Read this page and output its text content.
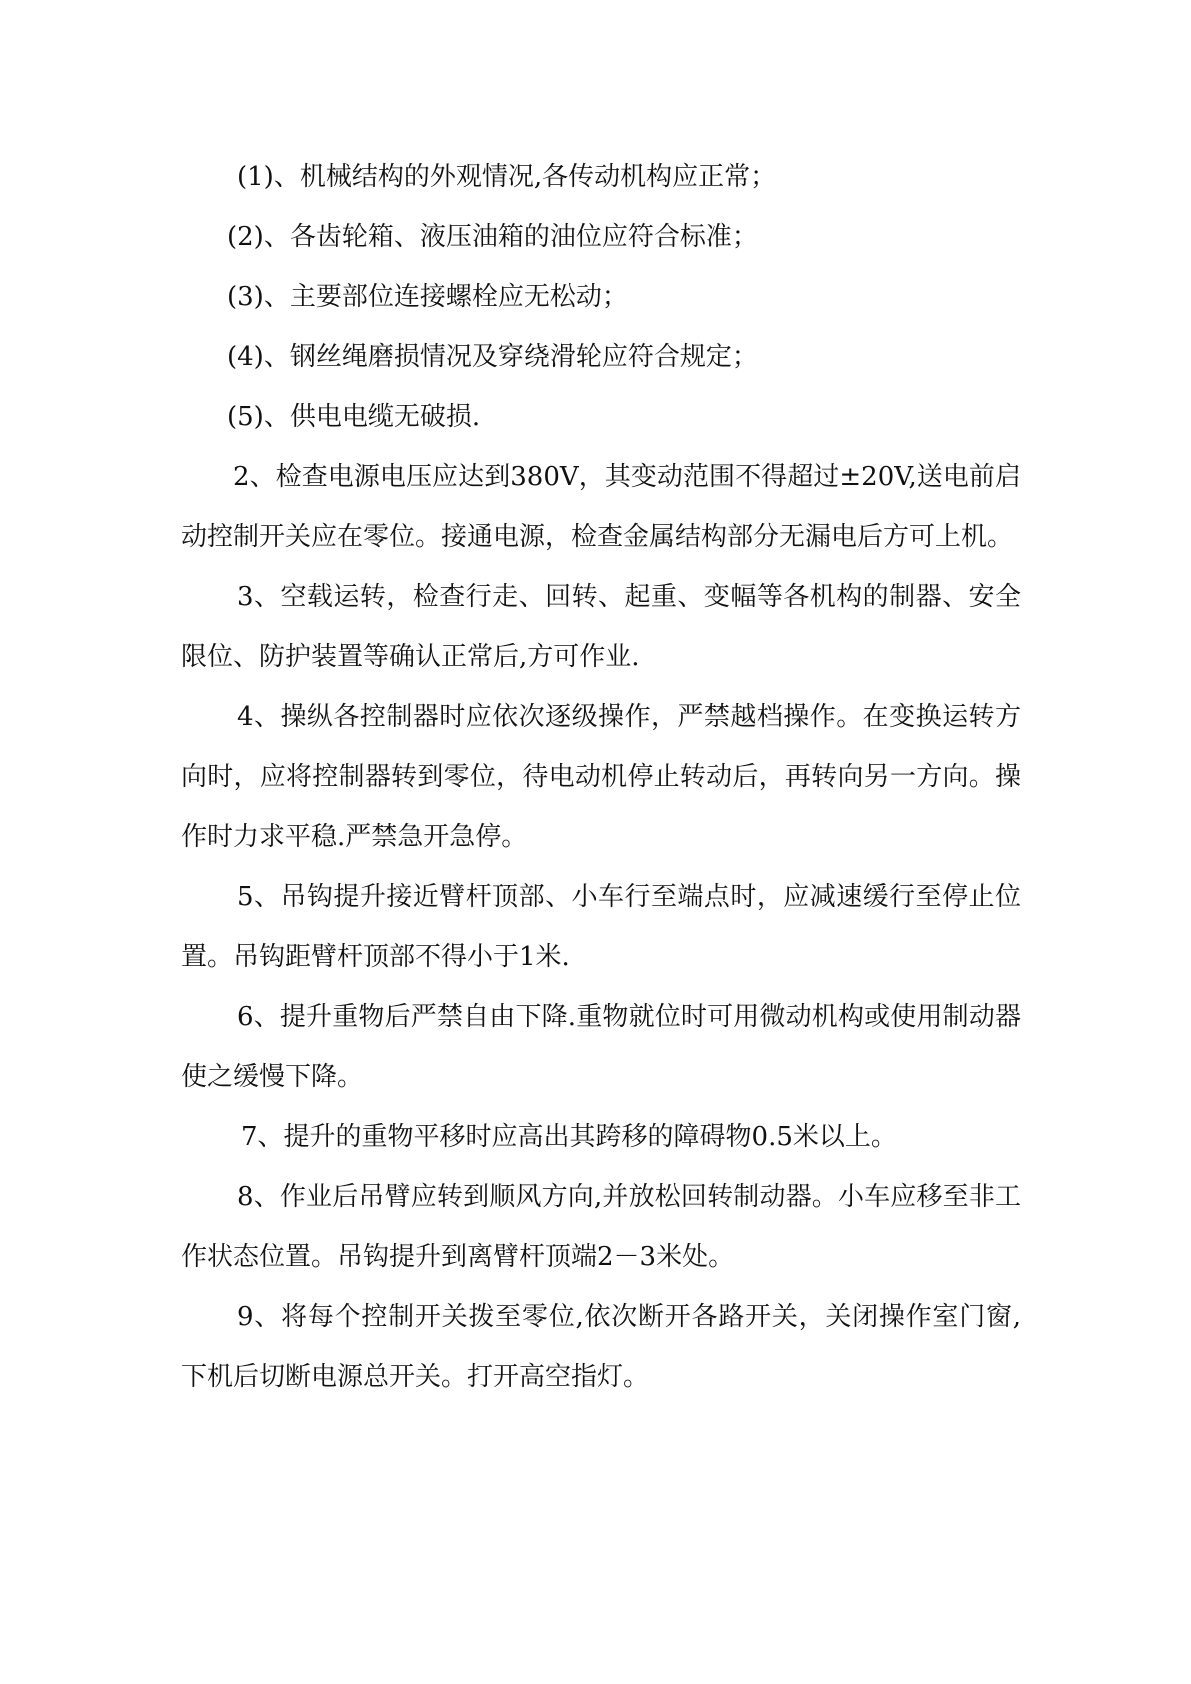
(1)、机械结构的外观情况,各传动机构应正常；

(2)、各齿轮箱、液压油箱的油位应符合标准；

(3)、主要部位连接螺栓应无松动；

(4)、钢丝绳磨损情况及穿绕滑轮应符合规定；

(5)、供电电缆无破损.

2、检查电源电压应达到380V，其变动范围不得超过±20V,送电前启动控制开关应在零位。接通电源，检查金属结构部分无漏电后方可上机。

3、空载运转，检查行走、回转、起重、变幅等各机构的制器、安全限位、防护装置等确认正常后,方可作业.

4、操纵各控制器时应依次逐级操作，严禁越档操作。在变换运转方向时，应将控制器转到零位，待电动机停止转动后，再转向另一方向。操作时力求平稳.严禁急开急停。

5、吊钩提升接近臂杆顶部、小车行至端点时，应减速缓行至停止位置。吊钩距臂杆顶部不得小于1米.

6、提升重物后严禁自由下降.重物就位时可用微动机构或使用制动器使之缓慢下降。

7、提升的重物平移时应高出其跨移的障碍物0.5米以上。

8、作业后吊臂应转到顺风方向,并放松回转制动器。小车应移至非工作状态位置。吊钩提升到离臂杆顶端2－3米处。

9、将每个控制开关拨至零位,依次断开各路开关，关闭操作室门窗,下机后切断电源总开关。打开高空指灯。
